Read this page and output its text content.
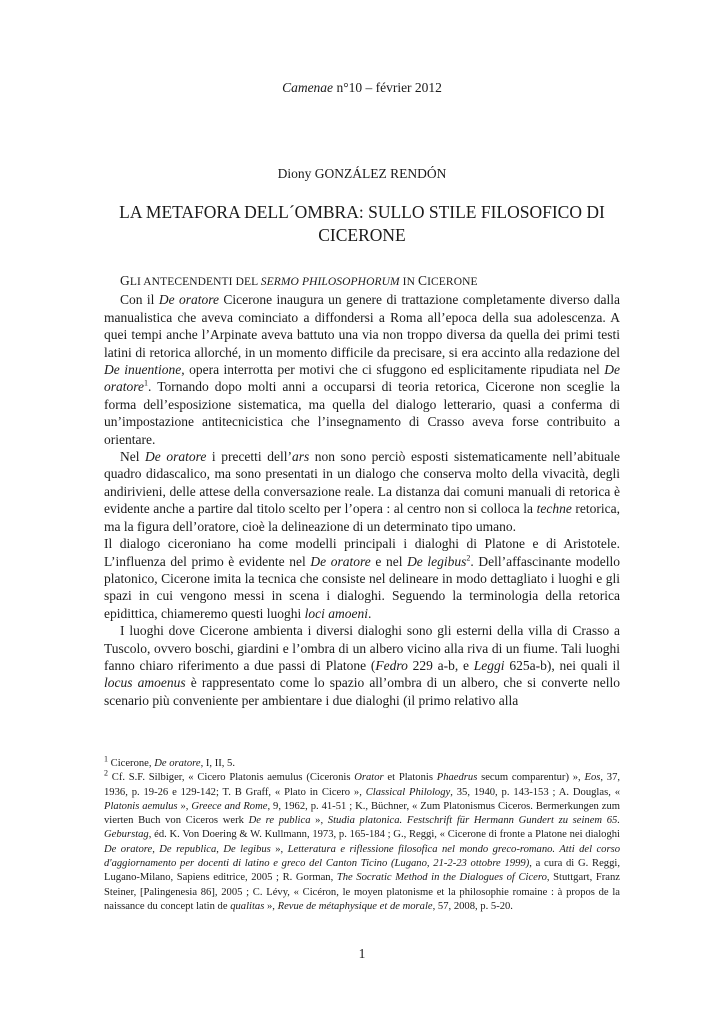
Camenae n°10 – février 2012
Diony GONZÁLEZ RENDÓN
LA METAFORA DELL´OMBRA: SULLO STILE FILOSOFICO DI CICERONE

GLI ANTECENDENTI DEL SERMO PHILOSOPHORUM IN CICERONE

Con il De oratore Cicerone inaugura un genere di trattazione completamente diverso dalla manualistica che aveva cominciato a diffondersi a Roma all’epoca della sua adolescenza. A quei tempi anche l’Arpinate aveva battuto una via non troppo diversa da quella dei primi testi latini di retorica allorché, in un momento difficile da precisare, si era accinto alla redazione del De inuentione, opera interrotta per motivi che ci sfuggono ed esplicitamente ripudiata nel De oratore$^1$. Tornando dopo molti anni a occuparsi di teoria retorica, Cicerone non sceglie la forma dell’esposizione sistematica, ma quella del dialogo letterario, quasi a conferma di un’impostazione antitecnicistica che l’insegnamento di Crasso aveva forse contribuito a orientare.

Nel De oratore i precetti dell’ars non sono perciò esposti sistematicamente nell’abituale quadro didascalico, ma sono presentati in un dialogo che conserva molto della vivacità, degli andirivieni, delle attese della conversazione reale. La distanza dai comuni manuali di retorica è evidente anche a partire dal titolo scelto per l’opera : al centro non si colloca la techne retorica, ma la figura dell’oratore, cioè la delineazione di un determinato tipo umano.

Il dialogo ciceroniano ha come modelli principali i dialoghi di Platone e di Aristotele. L’influenza del primo è evidente nel De oratore e nel De legibus$^2$. Dell’affascinante modello platonico, Cicerone imita la tecnica che consiste nel delineare in modo dettagliato i luoghi e gli spazi in cui vengono messi in scena i dialoghi. Seguendo la terminologia della retorica epidittica, chiameremo questi luoghi loci amoeni.

I luoghi dove Cicerone ambienta i diversi dialoghi sono gli esterni della villa di Crasso a Tuscolo, ovvero boschi, giardini e l’ombra di un albero vicino alla riva di un fiume. Tali luoghi fanno chiaro riferimento a due passi di Platone (Fedro 229 a-b, e Leggi 625a-b), nei quali il locus amoenus è rappresentato come lo spazio all’ombra di un albero, che si converte nello scenario più conveniente per ambientare i due dialoghi (il primo relativo alla

$^1$ Cicerone, De oratore, I, II, 5.

$^2$ Cf. S.F. Silbiger, « Cicero Platonis aemulus (Ciceronis Orator et Platonis Phaedrus secum comparentur) », Eos, 37, 1936, p. 19-26 e 129-142; T. B Graff, « Plato in Cicero », Classical Philology, 35, 1940, p. 143-153 ; A. Douglas, « Platonis aemulus », Greece and Rome, 9, 1962, p. 41-51 ; K., Büchner, « Zum Platonismus Ciceros. Bermerkungen zum vierten Buch von Ciceros werk De re publica », Studia platonica. Festschrift für Hermann Gundert zu seinem 65. Geburstag, éd. K. Von Doering & W. Kullmann, 1973, p. 165-184 ; G., Reggi, « Cicerone di fronte a Platone nei dialoghi De oratore, De republica, De legibus », Letteratura e riflessione filosofica nel mondo greco-romano. Atti del corso d'aggiornamento per docenti di latino e greco del Canton Ticino (Lugano, 21-2-23 ottobre 1999), a cura di G. Reggi, Lugano-Milano, Sapiens editrice, 2005 ; R. Gorman, The Socratic Method in the Dialogues of Cicero, Stuttgart, Franz Steiner, [Palingenesia 86], 2005 ; C. Lévy, « Cicéron, le moyen platonisme et la philosophie romaine : à propos de la naissance du concept latin de qualitas », Revue de métaphysique et de morale, 57, 2008, p. 5-20.

1
